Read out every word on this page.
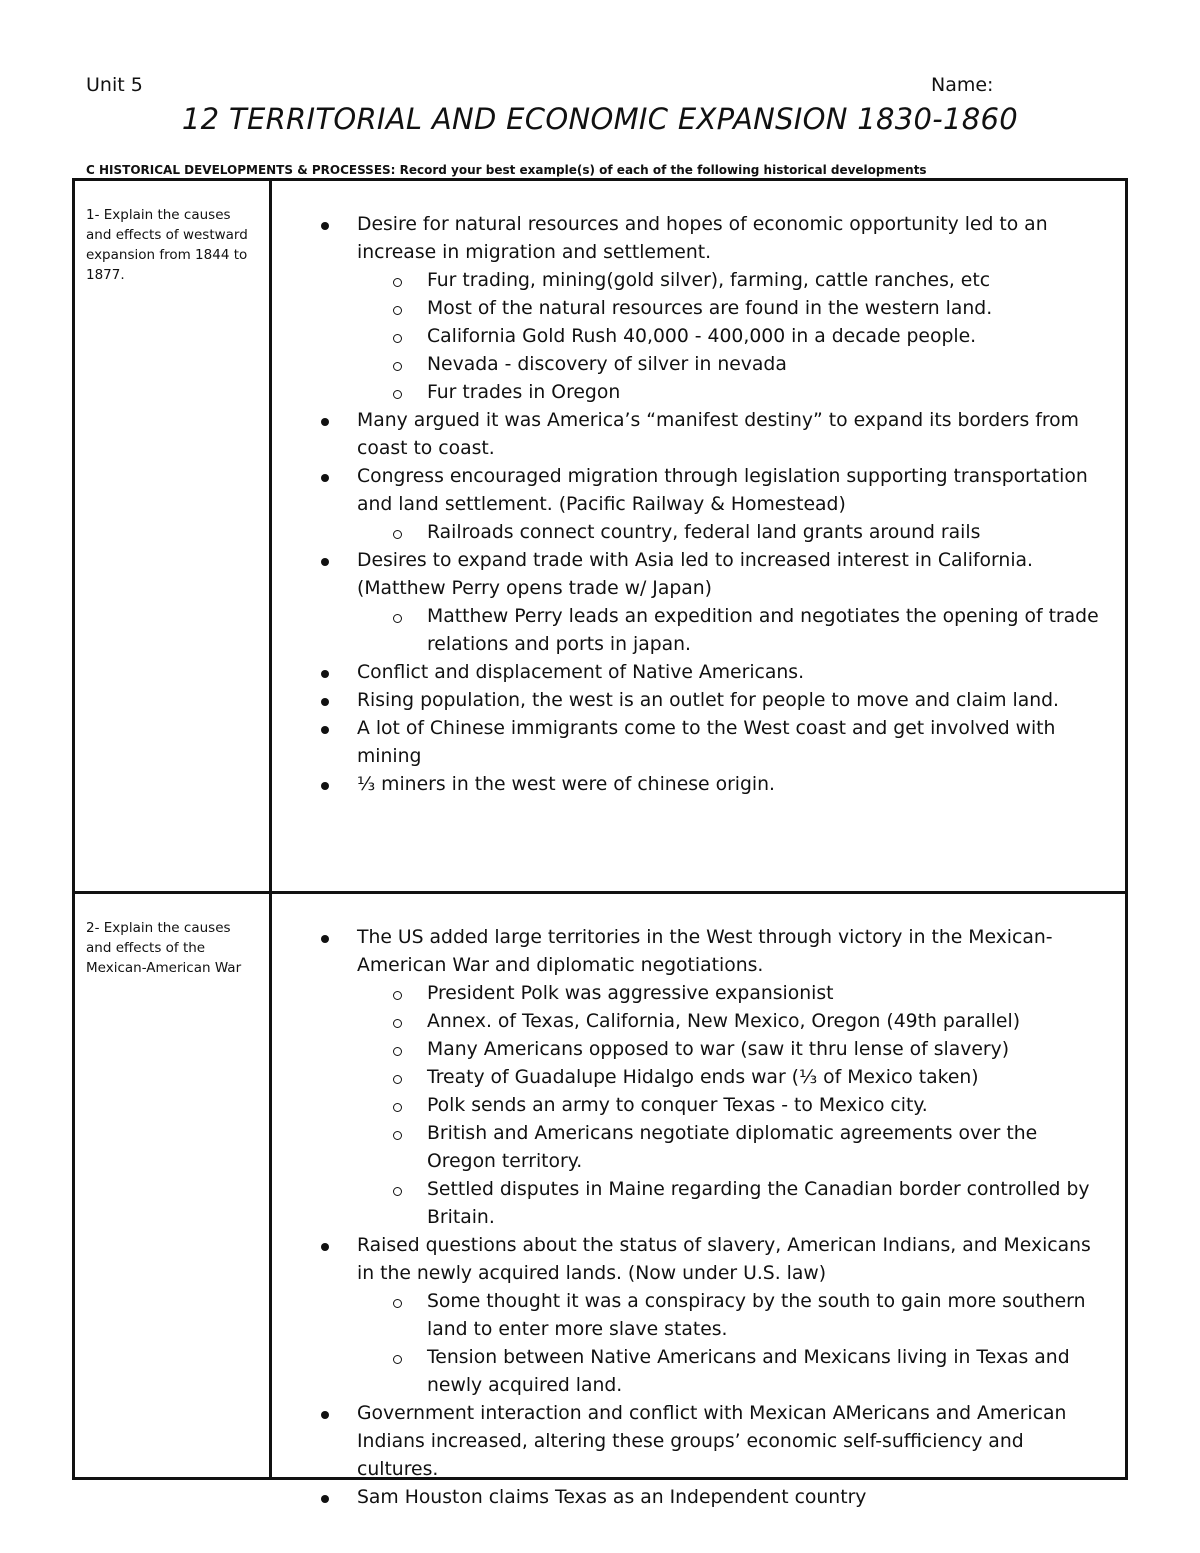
Unit 5	Name:
12 TERRITORIAL AND ECONOMIC EXPANSION 1830-1860
C HISTORICAL DEVELOPMENTS & PROCESSES: Record your best example(s) of each of the following historical developments
1- Explain the causes and effects of westward expansion from 1844 to 1877.
Desire for natural resources and hopes of economic opportunity led to an increase in migration and settlement.
Fur trading, mining(gold silver), farming, cattle ranches, etc
Most of the natural resources are found in the western land.
California Gold Rush 40,000 - 400,000 in a decade people.
Nevada - discovery of silver in nevada
Fur trades in Oregon
Many argued it was America’s “manifest destiny” to expand its borders from coast to coast.
Congress encouraged migration through legislation supporting transportation and land settlement. (Pacific Railway & Homestead)
Railroads connect country, federal land grants around rails
Desires to expand trade with Asia led to increased interest in California. (Matthew Perry opens trade w/ Japan)
Matthew Perry leads an expedition and negotiates the opening of trade relations and ports in japan.
Conflict and displacement of Native Americans.
Rising population, the west is an outlet for people to move and claim land.
A lot of Chinese immigrants come to the West coast and get involved with mining
⅓ miners in the west were of chinese origin.
2- Explain the causes and effects of the Mexican-American War
The US added large territories in the West through victory in the Mexican-American War and diplomatic negotiations.
President Polk was aggressive expansionist
Annex. of Texas, California, New Mexico, Oregon (49th parallel)
Many Americans opposed to war (saw it thru lense of slavery)
Treaty of Guadalupe Hidalgo ends war (⅓ of Mexico taken)
Polk sends an army to conquer Texas - to Mexico city.
British and Americans negotiate diplomatic agreements over the Oregon territory.
Settled disputes in Maine regarding the Canadian border controlled by Britain.
Raised questions about the status of slavery, American Indians, and Mexicans in the newly acquired lands. (Now under U.S. law)
Some thought it was a conspiracy by the south to gain more southern land to enter more slave states.
Tension between Native Americans and Mexicans living in Texas and newly acquired land.
Government interaction and conflict with Mexican AMericans and American Indians increased, altering these groups’ economic self-sufficiency and cultures.
Sam Houston claims Texas as an Independent country
